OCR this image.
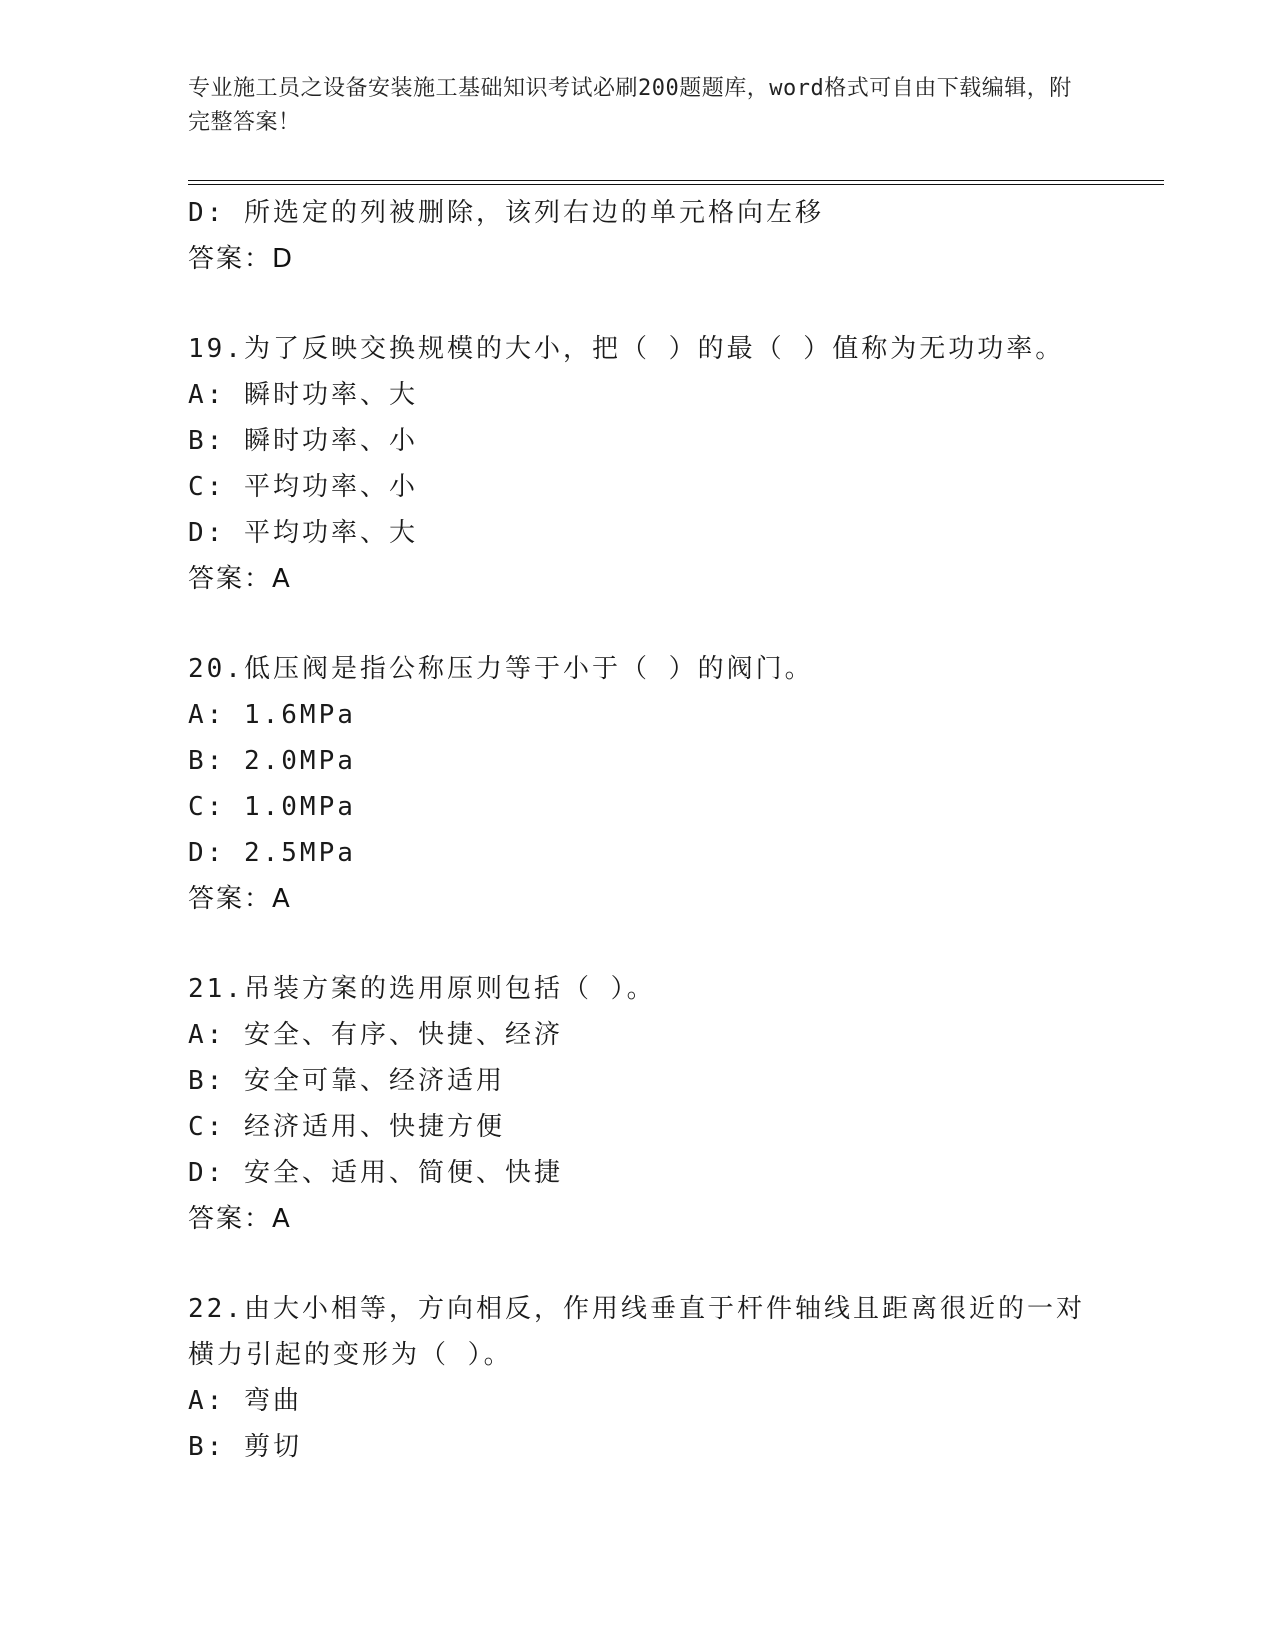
专业施工员之设备安装施工基础知识考试必刷200题题库，word格式可自由下载编辑，附完整答案！
D: 所选定的列被删除，该列右边的单元格向左移
答案：D
19.为了反映交换规模的大小，把（ ）的最（ ）值称为无功功率。
A: 瞬时功率、大
B: 瞬时功率、小
C: 平均功率、小
D: 平均功率、大
答案：A
20.低压阀是指公称压力等于小于（ ）的阀门。
A: 1.6MPa
B: 2.0MPa
C: 1.0MPa
D: 2.5MPa
答案：A
21.吊装方案的选用原则包括（ ）。
A: 安全、有序、快捷、经济
B: 安全可靠、经济适用
C: 经济适用、快捷方便
D: 安全、适用、简便、快捷
答案：A
22.由大小相等，方向相反，作用线垂直于杆件轴线且距离很近的一对横力引起的变形为（ ）。
A: 弯曲
B: 剪切
